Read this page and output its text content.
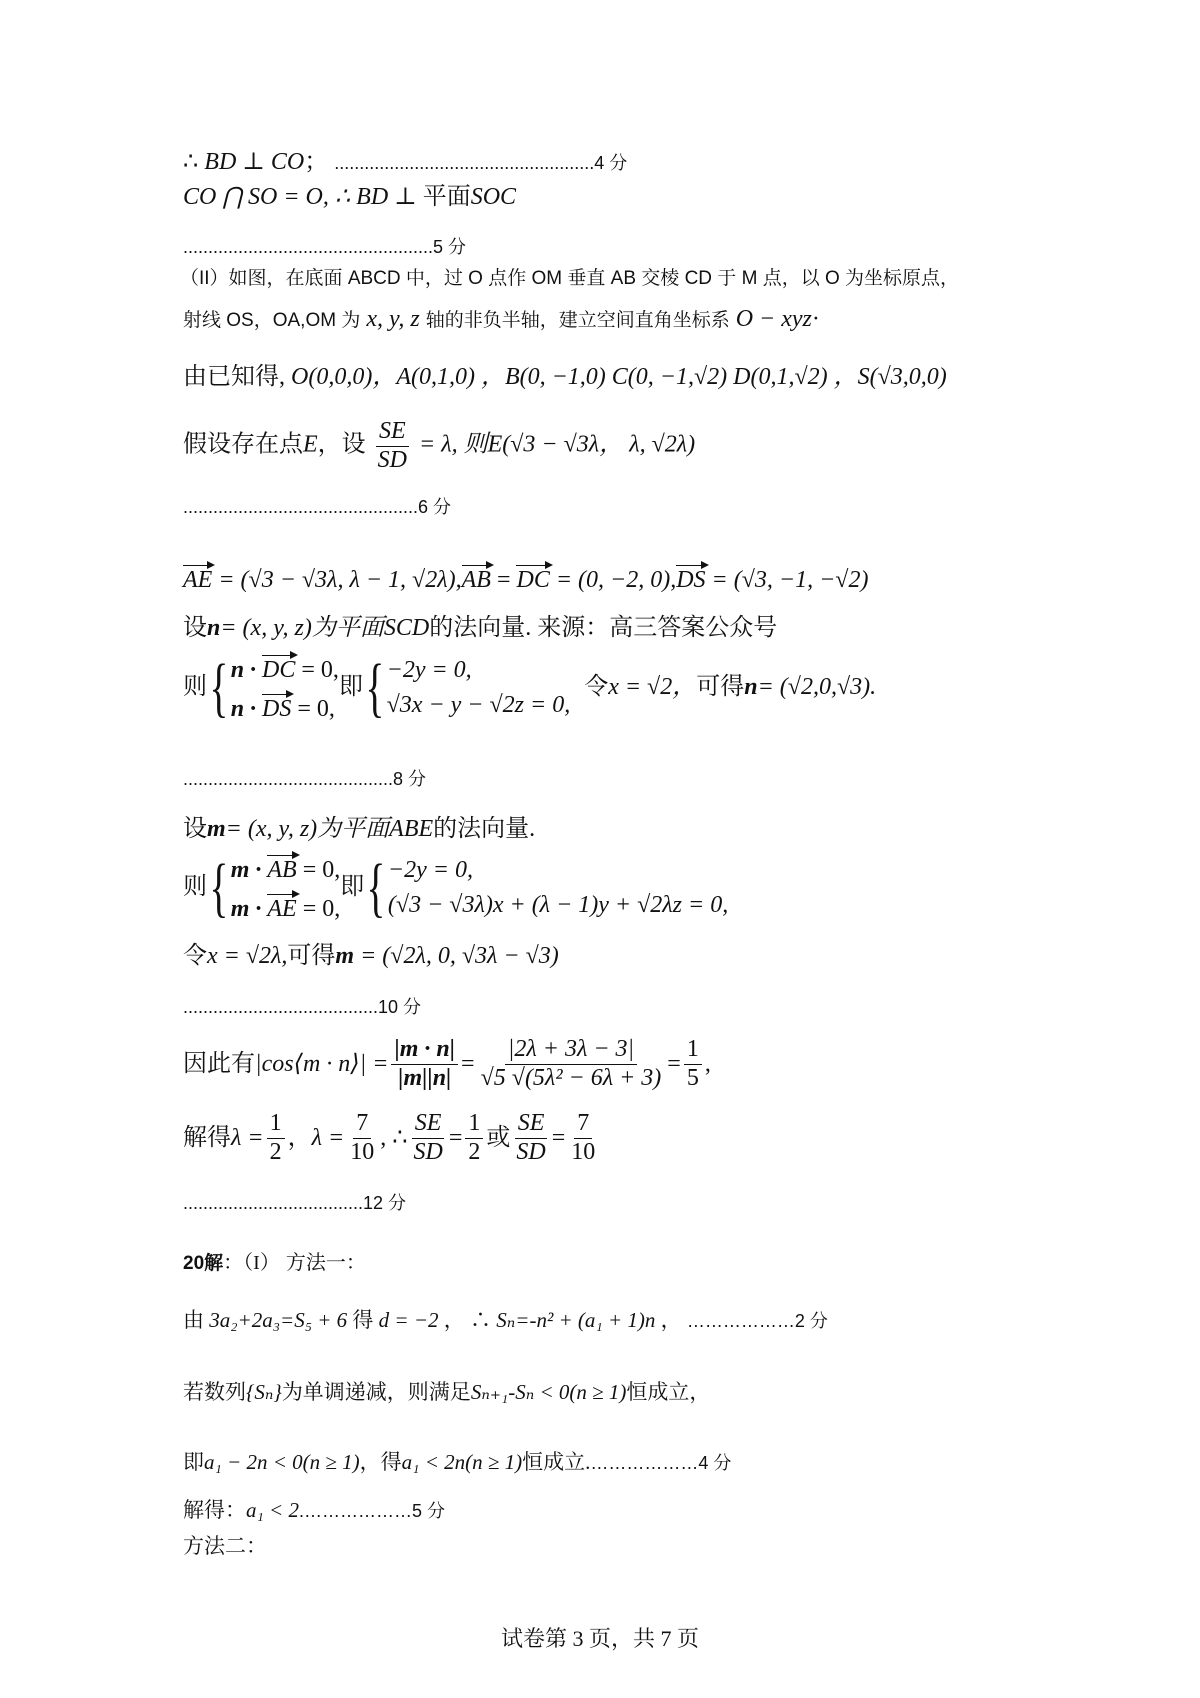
∴ BD ⊥ CO； ....................................................4 分
CO ⋂ SO = O, ∴ BD ⊥ 平面SOC
..................................................5 分
（II）如图，在底面 ABCD 中，过 O 点作 OM 垂直 AB 交棱 CD 于 M 点，以 O 为坐标原点，
射线 OS，OA,OM 为 x, y, z 轴的非负半轴，建立空间直角坐标系 O − xyz·
由已知得, O(0,0,0)，A(0,1,0) ，B(0, −1,0) C(0, −1,√2) D(0,1,√2) ，S(√3,0,0)
假设存在点E，设 $\frac{SE}{SD} = \lambda$, 则E(√3 − √3λ， λ, √2λ)
...............................................6 分
AE = (√3 − √3λ, λ − 1, √2λ),AB = DC = (0, −2, 0),DS = (√3, −1, −√2)
设n= (x, y, z)为平面SCD的法向量. 来源：高三答案公众号
则 { n · DC = 0,
n · DS = 0,
即 { −2y = 0,
√3x − y − √2z = 0,
令 x = √2， 可得 n = (√2,0,√3).
..........................................8 分
设m= (x, y, z)为平面ABE的法向量.
则 { m · AB = 0,
m · AE = 0,
即 { −2y = 0,
(√3 − √3λ)x + (λ − 1)y + √2λz = 0,
令x = √2λ,可得m = (√2λ, 0, √3λ − √3)
.......................................10 分
因此有 |cos⟨m · n⟩| = $\frac{|m \cdot n|}{|m||n|} = \frac{|2\lambda + 3\lambda - 3|}{\text{√5 √(5λ² − 6λ + 3)}} = \frac{1}{5}$ ,
解得 $\lambda = \frac{1}{2}$ ， $\lambda = \frac{7}{10}$ , ∴ $\frac{SE}{SD} = \frac{1}{2}$ 或 $\frac{SE}{SD} = \frac{7}{10}$
....................................12 分
20解：（I） 方法一：
由 3a₂+2a₃=S₅ + 6 得 d = −2 ， ∴ Sₙ=-n² + (a₁ + 1)n ， ………………2 分
若数列{Sₙ}为单调递减，则满足Sₙ₊₁-Sₙ < 0(n ≥ 1)恒成立，
即a₁ − 2n < 0(n ≥ 1)，得a₁ < 2n(n ≥ 1)恒成立.………………4 分
解得：a₁ < 2.………………5 分
方法二：
试卷第 3 页，共 7 页
